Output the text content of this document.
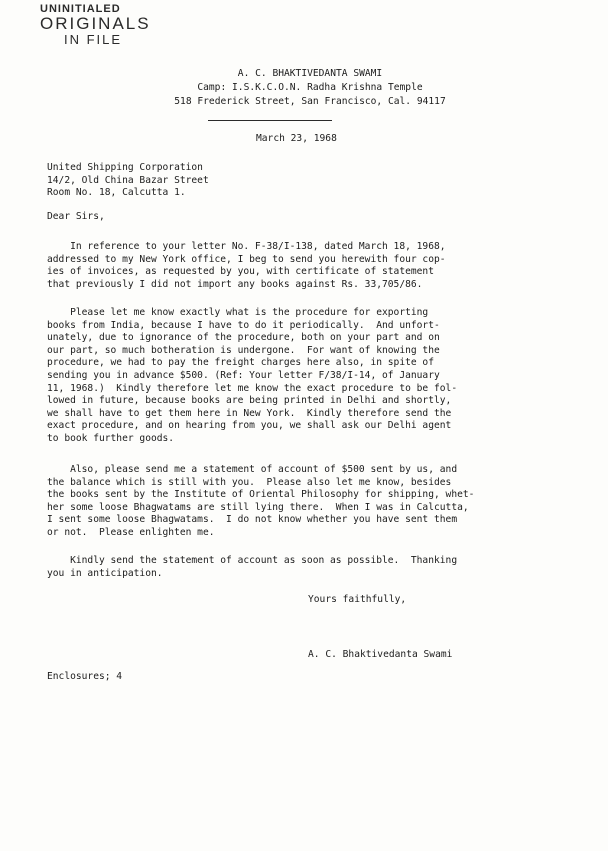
UNINITIALED
ORIGINALS
IN FILE
A. C. BHAKTIVEDANTA SWAMI
Camp: I.S.K.C.O.N. Radha Krishna Temple
518 Frederick Street, San Francisco, Cal. 94117
March 23, 1968
United Shipping Corporation
14/2, Old China Bazar Street
Room No. 18, Calcutta 1.
Dear Sirs,
In reference to your letter No. F-38/I-138, dated March 18, 1968,
addressed to my New York office, I beg to send you herewith four cop-
ies of invoices, as requested by you, with certificate of statement
that previously I did not import any books against Rs. 33,705/86.
Please let me know exactly what is the procedure for exporting
books from India, because I have to do it periodically.  And unfort-
unately, due to ignorance of the procedure, both on your part and on
our part, so much botheration is undergone.  For want of knowing the
procedure, we had to pay the freight charges here also, in spite of
sending you in advance $500. (Ref: Your letter F/38/I-14, of January
11, 1968.)  Kindly therefore let me know the exact procedure to be fol-
lowed in future, because books are being printed in Delhi and shortly,
we shall have to get them here in New York.  Kindly therefore send the
exact procedure, and on hearing from you, we shall ask our Delhi agent
to book further goods.
Also, please send me a statement of account of $500 sent by us, and
the balance which is still with you.  Please also let me know, besides
the books sent by the Institute of Oriental Philosophy for shipping, whet-
her some loose Bhagwatams are still lying there.  When I was in Calcutta,
I sent some loose Bhagwatams.  I do not know whether you have sent them
or not.  Please enlighten me.
Kindly send the statement of account as soon as possible.  Thanking
you in anticipation.
Yours faithfully,
A. C. Bhaktivedanta Swami
Enclosures; 4
